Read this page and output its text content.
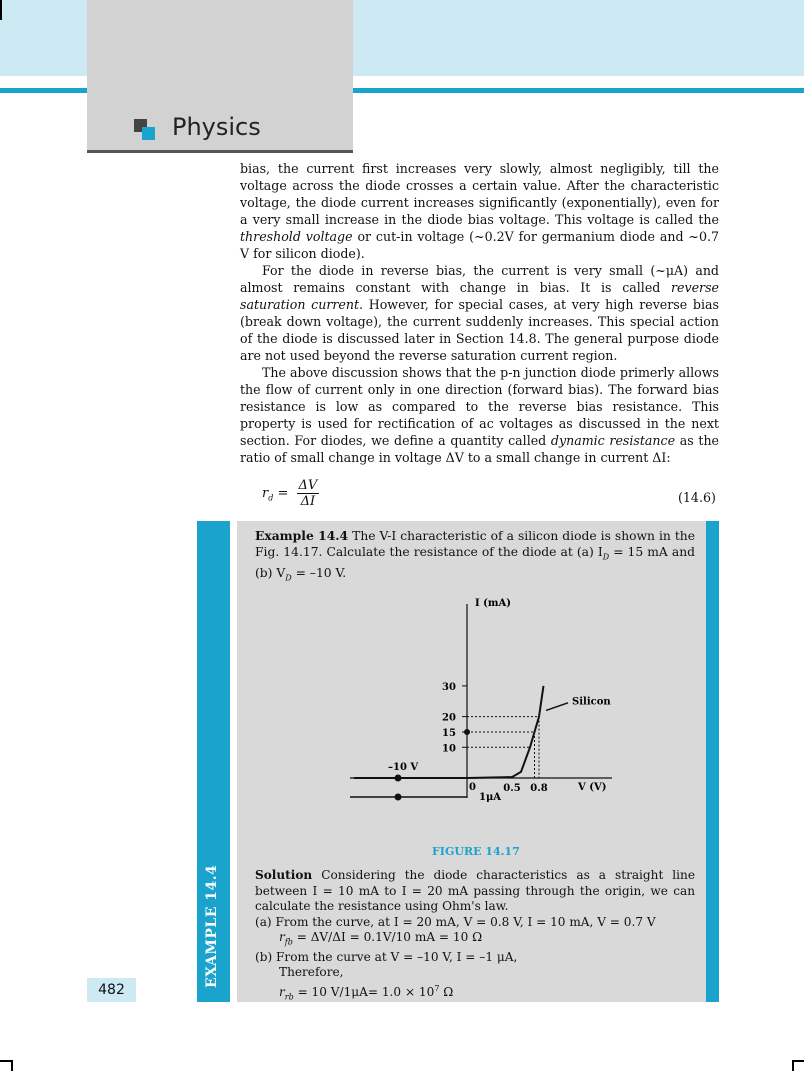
Physics

bias, the current first increases very slowly, almost negligibly, till the voltage across the diode crosses a certain value. After the characteristic voltage, the diode current increases significantly (exponentially), even for a very small increase in the diode bias voltage. This voltage is called the threshold voltage or cut-in voltage (~0.2V for germanium diode and ~0.7 V for silicon diode).

For the diode in reverse bias, the current is very small (~μA) and almost remains constant with change in bias. It is called reverse saturation current. However, for special cases, at very high reverse bias (break down voltage), the current suddenly increases. This special action of the diode is discussed later in Section 14.8. The general purpose diode are not used beyond the reverse saturation current region.

The above discussion shows that the p-n junction diode primerly allows the flow of current only in one direction (forward bias). The forward bias resistance is low as compared to the reverse bias resistance. This property is used for rectification of ac voltages as discussed in the next section. For diodes, we define a quantity called dynamic resistance as the ratio of small change in voltage ΔV to a small change in current ΔI:

$r_d = \frac{\Delta V}{\Delta I}$	(14.6)
EXAMPLE 14.4
Example 14.4 The V-I characteristic of a silicon diode is shown in the Fig. 14.17. Calculate the resistance of the diode at (a) $I_D = 15$ mA and (b) $V_D = -10$ V.
I (mA)
V (V)
10
15
20
30
0.5 0.8
–10 V
0
1μA
Silicon
FIGURE 14.17

Solution Considering the diode characteristics as a straight line between I = 10 mA to I = 20 mA passing through the origin, we can calculate the resistance using Ohm's law.

(a) From the curve, at I = 20 mA, V = 0.8 V, I = 10 mA, V = 0.7 V

$r_{fb} = \Delta V/\Delta I = 0.1V/10$ mA = 10 Ω

(b) From the curve at V = –10 V, I = –1 μA,

Therefore,

$r_{rb} = 10$ $V/1\mu A= 1.0 \times 10^7$ Ω

482
